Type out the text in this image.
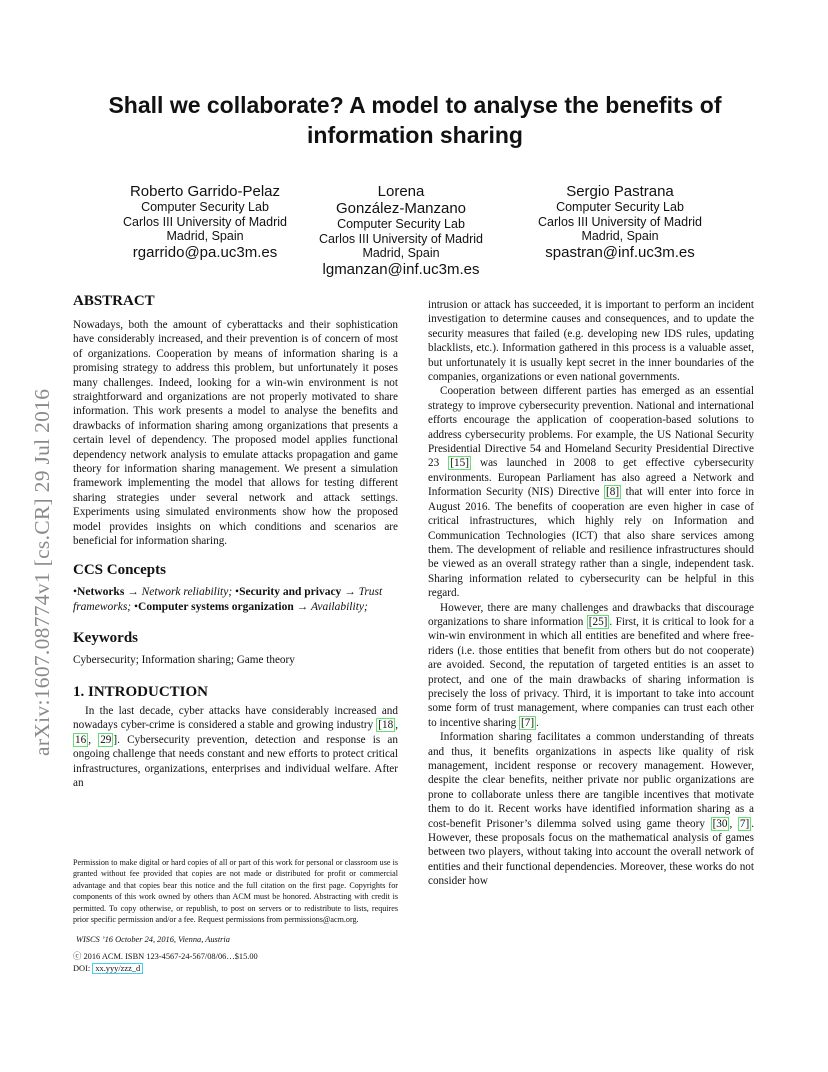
arXiv:1607.08774v1 [cs.CR] 29 Jul 2016
Shall we collaborate? A model to analyse the benefits of information sharing
Roberto Garrido-Pelaz
Computer Security Lab
Carlos III University of Madrid
Madrid, Spain
rgarrido@pa.uc3m.es
Lorena
González-Manzano
Computer Security Lab
Carlos III University of Madrid
Madrid, Spain
lgmanzan@inf.uc3m.es
Sergio Pastrana
Computer Security Lab
Carlos III University of Madrid
Madrid, Spain
spastran@inf.uc3m.es
ABSTRACT

Nowadays, both the amount of cyberattacks and their sophistication have considerably increased, and their prevention is of concern of most of organizations. Cooperation by means of information sharing is a promising strategy to address this problem, but unfortunately it poses many challenges. Indeed, looking for a win-win environment is not straightforward and organizations are not properly motivated to share information. This work presents a model to analyse the benefits and drawbacks of information sharing among organizations that presents a certain level of dependency. The proposed model applies functional dependency network analysis to emulate attacks propagation and game theory for information sharing management. We present a simulation framework implementing the model that allows for testing different sharing strategies under several network and attack settings. Experiments using simulated environments show how the proposed model provides insights on which conditions and scenarios are beneficial for information sharing.

CCS Concepts

•Networks → Network reliability; •Security and privacy → Trust frameworks; •Computer systems organization → Availability;

Keywords

Cybersecurity; Information sharing; Game theory

1. INTRODUCTION

In the last decade, cyber attacks have considerably increased and nowadays cyber-crime is considered a stable and growing industry [18 , 16 , 29 ]. Cybersecurity prevention, detection and response is an ongoing challenge that needs constant and new efforts to protect critical infrastructures, organizations, enterprises and individual welfare. After an

Permission to make digital or hard copies of all or part of this work for personal or classroom use is granted without fee provided that copies are not made or distributed for profit or commercial advantage and that copies bear this notice and the full citation on the first page. Copyrights for components of this work owned by others than ACM must be honored. Abstracting with credit is permitted. To copy otherwise, or republish, to post on servers or to redistribute to lists, requires prior specific permission and/or a fee. Request permissions from permissions@acm.org.

WISCS ’16 October 24, 2016, Vienna, Austria
ⓒ 2016 ACM. ISBN 123-4567-24-567/08/06…$15.00
DOI: xx.yyy/zzz_d

intrusion or attack has succeeded, it is important to perform an incident investigation to determine causes and consequences, and to update the security measures that failed (e.g. developing new IDS rules, updating blacklists, etc.). Information gathered in this process is a valuable asset, but unfortunately it is usually kept secret in the inner boundaries of the companies, organizations or even national governments.

Cooperation between different parties has emerged as an essential strategy to improve cybersecurity prevention. National and international efforts encourage the application of cooperation-based solutions to address cybersecurity problems. For example, the US National Security Presidential Directive 54 and Homeland Security Presidential Directive 23 [15] was launched in 2008 to get effective cybersecurity environments. European Parliament has also agreed a Network and Information Security (NIS) Directive [8] that will enter into force in August 2016. The benefits of cooperation are even higher in case of critical infrastructures, which highly rely on Information and Communication Technologies (ICT) that also share services among them. The development of reliable and resilience infrastructures should be viewed as an overall strategy rather than a single, independent task. Sharing information related to cybersecurity can be helpful in this regard.

However, there are many challenges and drawbacks that discourage organizations to share information [25] . First, it is critical to look for a win-win environment in which all entities are benefited and where free-riders (i.e. those entities that benefit from others but do not cooperate) are avoided. Second, the reputation of targeted entities is an asset to protect, and one of the main drawbacks of sharing information is precisely the loss of privacy. Third, it is important to take into account some form of trust management, where companies can trust each other to incentive sharing [7] .

Information sharing facilitates a common understanding of threats and thus, it benefits organizations in aspects like quality of risk management, incident response or recovery management. However, despite the clear benefits, neither private nor public organizations are prone to collaborate unless there are tangible incentives that motivate them to do it. Recent works have identified information sharing as a cost-benefit Prisoner’s dilemma solved using game theory [30 , 7] . However, these proposals focus on the mathematical analysis of games between two players, without taking into account the overall network of entities and their functional dependencies. Moreover, these works do not consider how
